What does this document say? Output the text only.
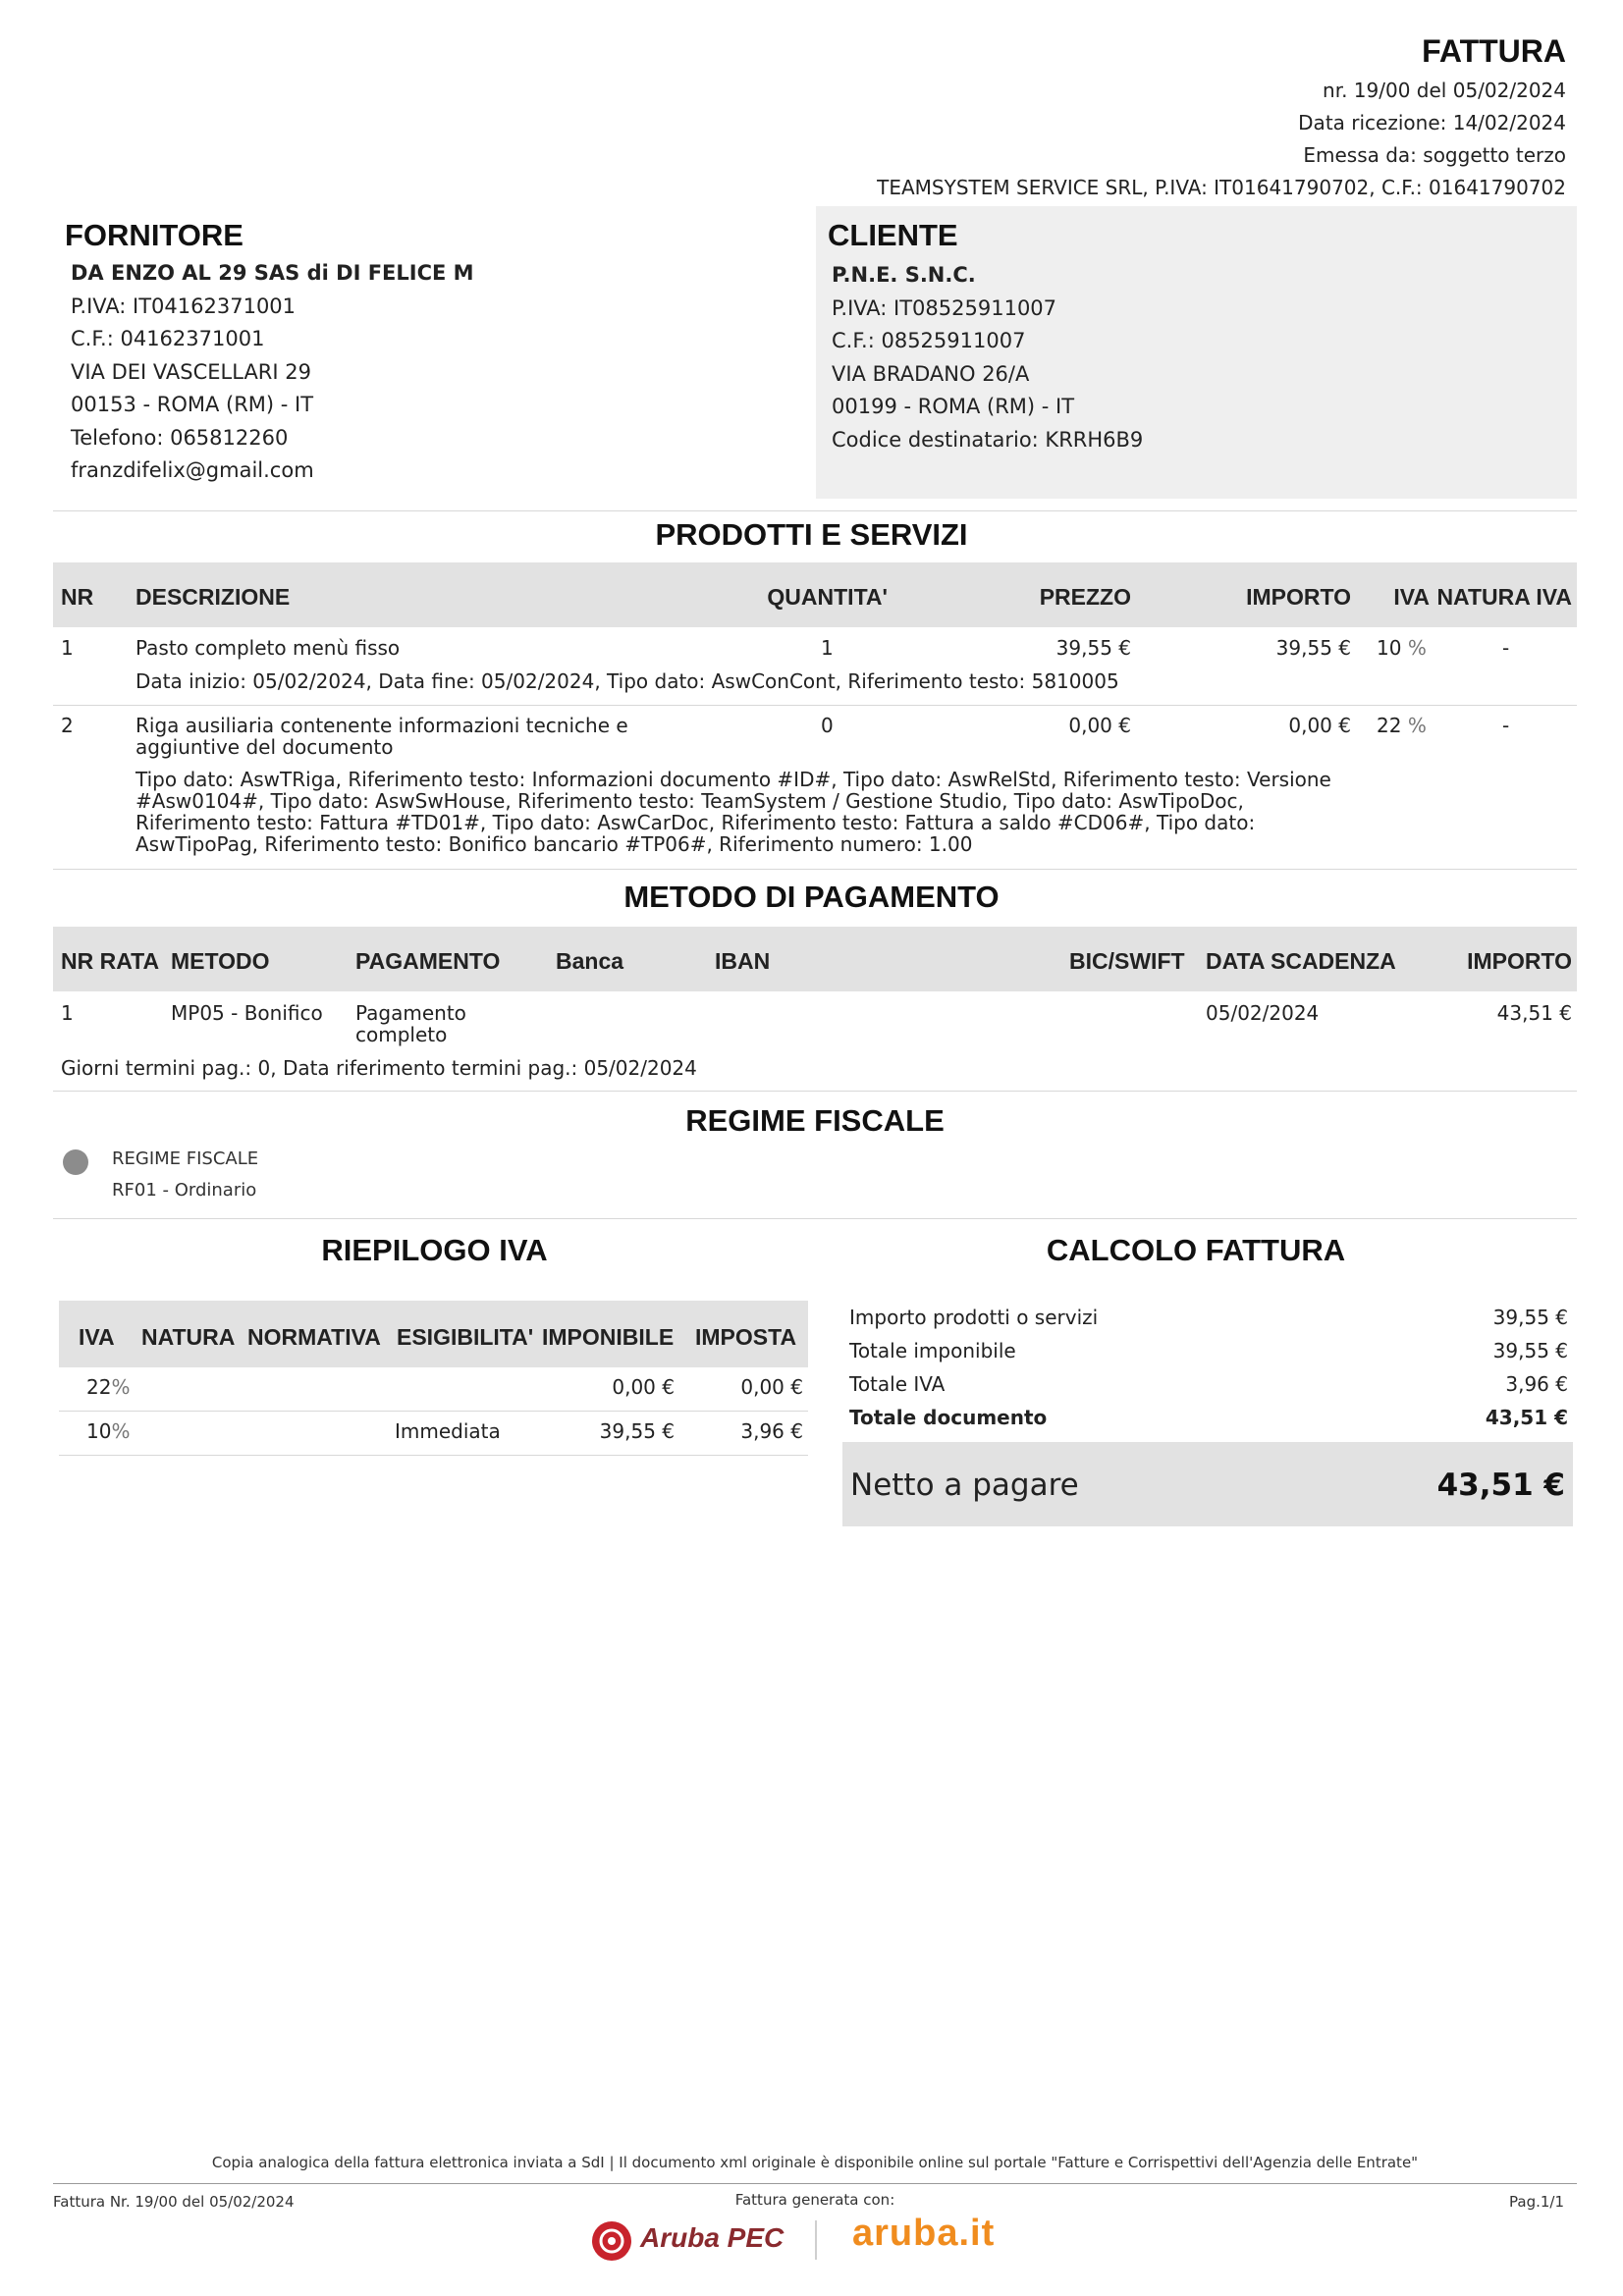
FATTURA
nr. 19/00 del 05/02/2024
Data ricezione: 14/02/2024
Emessa da: soggetto terzo
TEAMSYSTEM SERVICE SRL, P.IVA: IT01641790702, C.F.: 01641790702
FORNITORE
DA ENZO AL 29 SAS di DI FELICE M
P.IVA: IT04162371001
C.F.: 04162371001
VIA DEI VASCELLARI 29
00153 - ROMA (RM) - IT
Telefono: 065812260
franzdifelix@gmail.com
CLIENTE
P.N.E. S.N.C.
P.IVA: IT08525911007
C.F.: 08525911007
VIA BRADANO 26/A
00199 - ROMA (RM) - IT
Codice destinatario: KRRH6B9
PRODOTTI E SERVIZI
NR DESCRIZIONE	QUANTITA'	PREZZO	IMPORTO IVA NATURA IVA
1	Pasto completo menù fisso	1	39,55 €	39,55 € 10 %	-
Data inizio: 05/02/2024, Data fine: 05/02/2024, Tipo dato: AswConCont, Riferimento testo: 5810005
2	Riga ausiliaria contenente informazioni tecniche e
aggiuntive del documento
0	0,00 €	0,00 € 22 %	-
Tipo dato: AswTRiga, Riferimento testo: Informazioni documento #ID#, Tipo dato: AswRelStd, Riferimento testo: Versione
#Asw0104#, Tipo dato: AswSwHouse, Riferimento testo: TeamSystem / Gestione Studio, Tipo dato: AswTipoDoc,
Riferimento testo: Fattura #TD01#, Tipo dato: AswCarDoc, Riferimento testo: Fattura a saldo #CD06#, Tipo dato:
AswTipoPag, Riferimento testo: Bonifico bancario #TP06#, Riferimento numero: 1.00
METODO DI PAGAMENTO
NR RATA METODO	PAGAMENTO Banca	IBAN	BIC/SWIFT DATA SCADENZA	IMPORTO
1	MP05 - Bonifico Pagamento
completo
05/02/2024	43,51 €
Giorni termini pag.: 0, Data riferimento termini pag.: 05/02/2024
REGIME FISCALE
REGIME FISCALE
RF01 - Ordinario
RIEPILOGO IVA
IVA NATURA NORMATIVA ESIGIBILITA' IMPONIBILE IMPOSTA
22%	0,00 €	0,00 €
10%	Immediata	39,55 €	3,96 €
CALCOLO FATTURA
Importo prodotti o servizi	39,55 €
Totale imponibile	39,55 €
Totale IVA	3,96 €
Totale documento	43,51 €
Netto a pagare	43,51 €
Copia analogica della fattura elettronica inviata a SdI | Il documento xml originale è disponibile online sul portale "Fatture e Corrispettivi dell'Agenzia delle Entrate"
Fattura Nr. 19/00 del 05/02/2024	Fattura generata con:	Pag.1/1
Aruba PEC aruba.it
